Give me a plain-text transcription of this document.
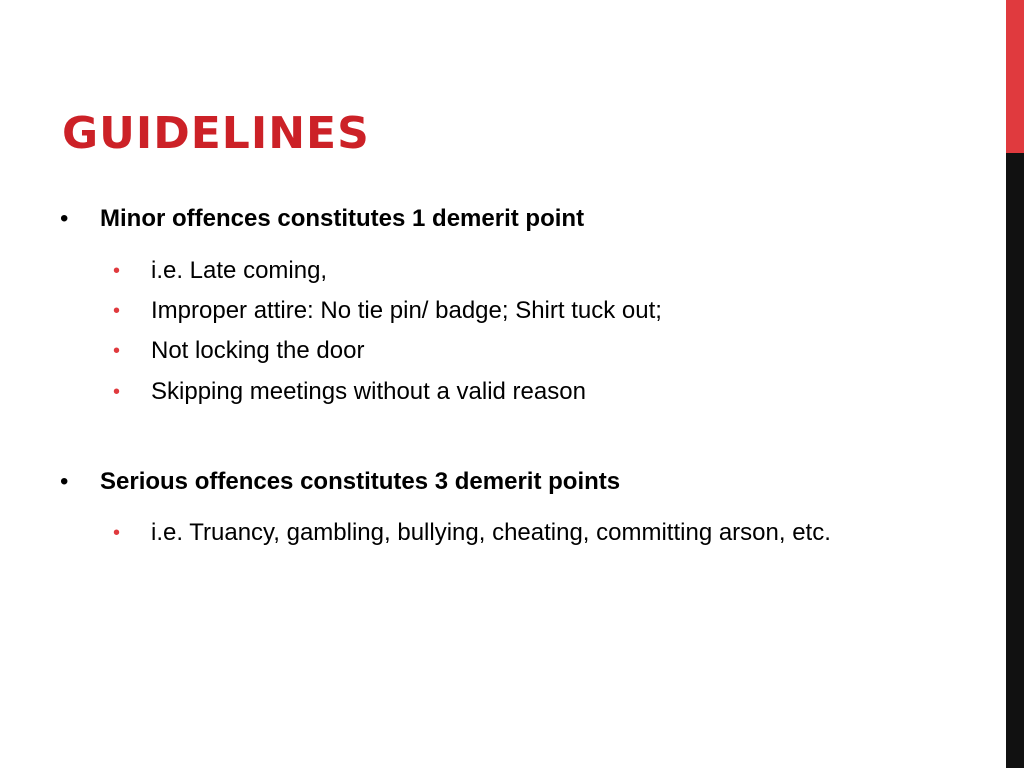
GUIDELINES
• Minor offences constitutes 1 demerit point
• i.e. Late coming,
• Improper attire: No tie pin/ badge; Shirt tuck out;
• Not locking the door
• Skipping meetings without a valid reason
• Serious offences constitutes 3 demerit points
• i.e. Truancy, gambling, bullying, cheating, committing arson, etc.
